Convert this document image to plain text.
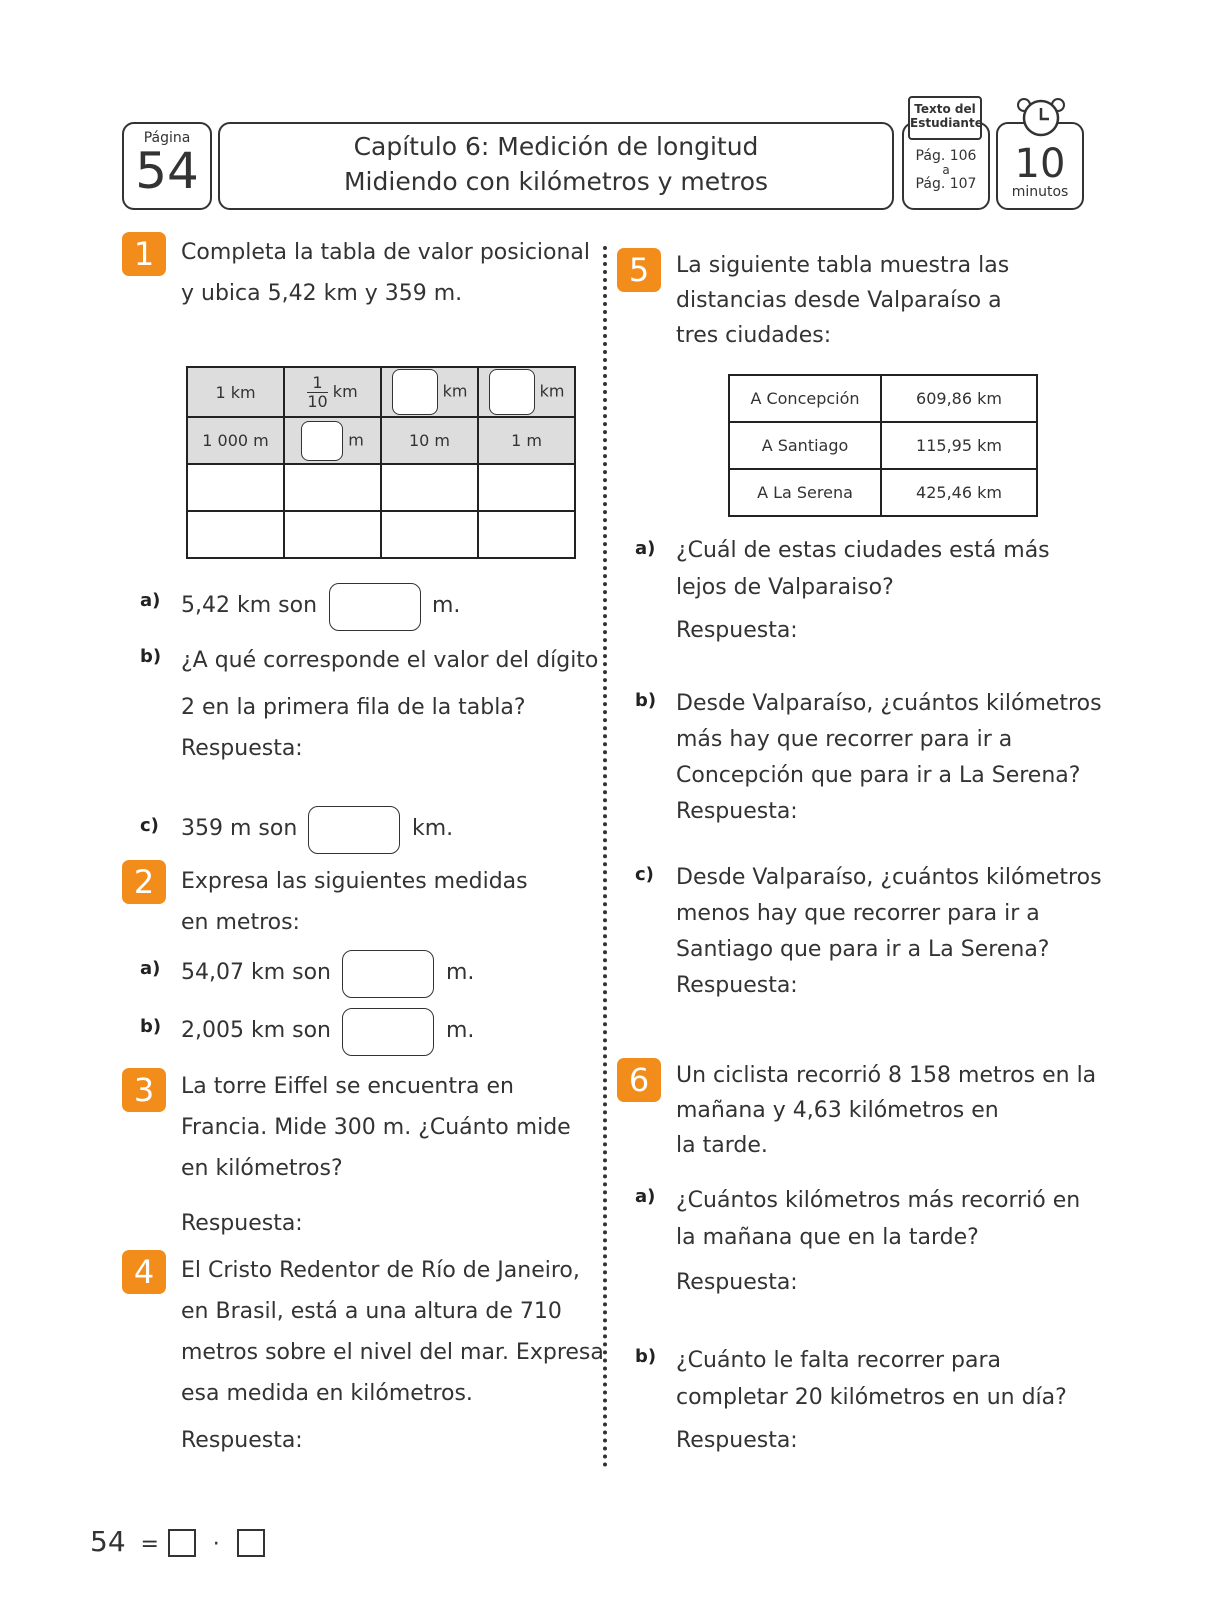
Página
54	Capítulo 6: Medición de longitud
Midiendo con kilómetros y metros
Pág. 106
a
Pág. 107
Texto del Estudiante
10
minutos
1	Completa la tabla de valor posicional
y ubica 5,42 km y 359 m.
1 km	$\frac{1}{10}$ km	km	km
1 000 m	m	10 m	1 m

a) 5,42 km son	m.
b) ¿A qué corresponde el valor del dígito
2 en la primera fila de la tabla?
Respuesta:
c) 359 m son	km.
2	Expresa las siguientes medidas
en metros:
a) 54,07 km son	m.
b) 2,005 km son	m.
3	La torre Eiffel se encuentra en
Francia. Mide 300 m. ¿Cuánto mide
en kilómetros?
Respuesta:
4	El Cristo Redentor de Río de Janeiro,
en Brasil, está a una altura de 710
metros sobre el nivel del mar. Expresa
esa medida en kilómetros.
Respuesta:
5	La siguiente tabla muestra las
distancias desde Valparaíso a
tres ciudades:
A Concepción	609,86 km
A Santiago	115,95 km
A La Serena	425,46 km
a) ¿Cuál de estas ciudades está más
lejos de Valparaiso?
Respuesta:
b) Desde Valparaíso, ¿cuántos kilómetros
más hay que recorrer para ir a
Concepción que para ir a La Serena?
Respuesta:
c) Desde Valparaíso, ¿cuántos kilómetros
menos hay que recorrer para ir a
Santiago que para ir a La Serena?
Respuesta:
6	Un ciclista recorrió 8 158 metros en la
mañana y 4,63 kilómetros en
la tarde.
a) ¿Cuántos kilómetros más recorrió en
la mañana que en la tarde?
Respuesta:
b) ¿Cuánto le falta recorrer para
completar 20 kilómetros en un día?
Respuesta:
54 = ·
